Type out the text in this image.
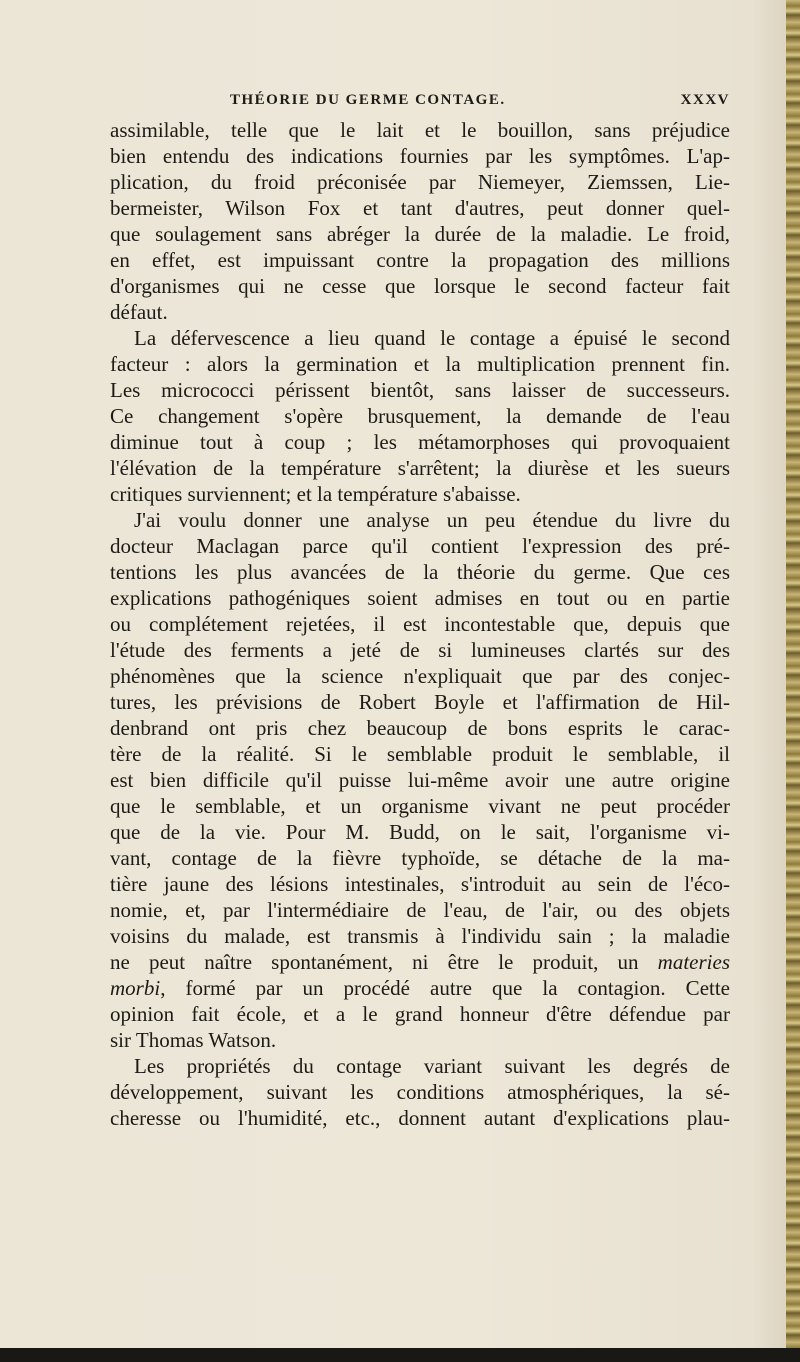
THÉORIE DU GERME CONTAGE.	XXXV
assimilable, telle que le lait et le bouillon, sans préjudice
bien entendu des indications fournies par les symptômes. L'ap-
plication, du froid préconisée par Niemeyer, Ziemssen, Lie-
bermeister, Wilson Fox et tant d'autres, peut donner quel-
que soulagement sans abréger la durée de la maladie. Le froid,
en effet, est impuissant contre la propagation des millions
d'organismes qui ne cesse que lorsque le second facteur fait
défaut.
La défervescence a lieu quand le contage a épuisé le second
facteur : alors la germination et la multiplication prennent fin.
Les micrococci périssent bientôt, sans laisser de successeurs.
Ce changement s'opère brusquement, la demande de l'eau
diminue tout à coup ; les métamorphoses qui provoquaient
l'élévation de la température s'arrêtent; la diurèse et les sueurs
critiques surviennent; et la température s'abaisse.
J'ai voulu donner une analyse un peu étendue du livre du
docteur Maclagan parce qu'il contient l'expression des pré-
tentions les plus avancées de la théorie du germe. Que ces
explications pathogéniques soient admises en tout ou en partie
ou complétement rejetées, il est incontestable que, depuis que
l'étude des ferments a jeté de si lumineuses clartés sur des
phénomènes que la science n'expliquait que par des conjec-
tures, les prévisions de Robert Boyle et l'affirmation de Hil-
denbrand ont pris chez beaucoup de bons esprits le carac-
tère de la réalité. Si le semblable produit le semblable, il
est bien difficile qu'il puisse lui-même avoir une autre origine
que le semblable, et un organisme vivant ne peut procéder
que de la vie. Pour M. Budd, on le sait, l'organisme vi-
vant, contage de la fièvre typhoïde, se détache de la ma-
tière jaune des lésions intestinales, s'introduit au sein de l'éco-
nomie, et, par l'intermédiaire de l'eau, de l'air, ou des objets
voisins du malade, est transmis à l'individu sain ; la maladie
ne peut naître spontanément, ni être le produit, un materies
morbi, formé par un procédé autre que la contagion. Cette
opinion fait école, et a le grand honneur d'être défendue par
sir Thomas Watson.
Les propriétés du contage variant suivant les degrés de
développement, suivant les conditions atmosphériques, la sé-
cheresse ou l'humidité, etc., donnent autant d'explications plau-
